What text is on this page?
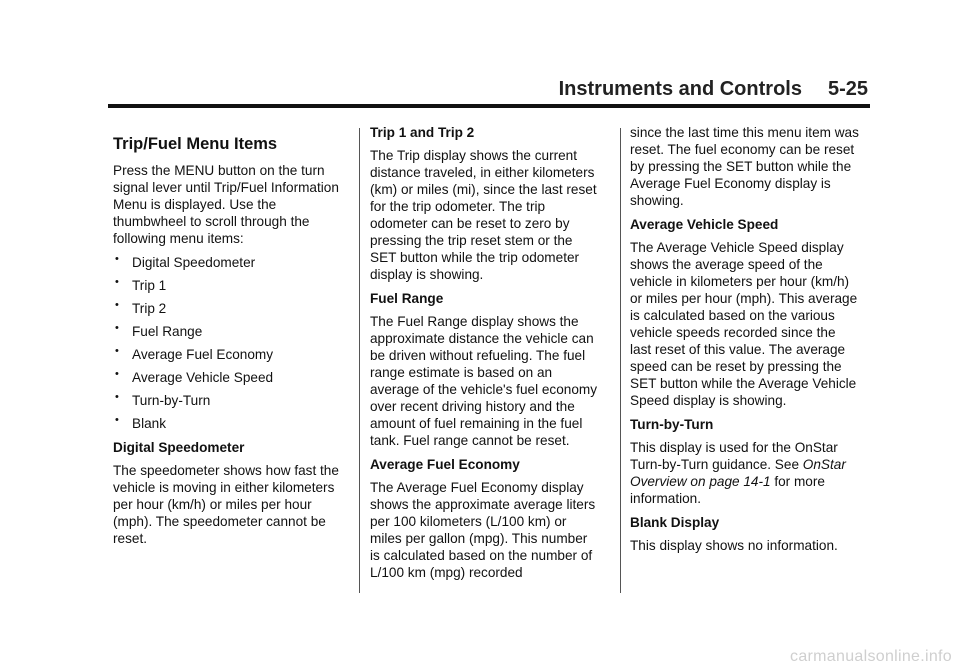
Instruments and Controls 5-25
Trip/Fuel Menu Items

Press the MENU button on the turn signal lever until Trip/Fuel Information Menu is displayed. Use the thumbwheel to scroll through the following menu items:

• Digital Speedometer
• Trip 1
• Trip 2
• Fuel Range
• Average Fuel Economy
• Average Vehicle Speed
• Turn-by-Turn
• Blank

Digital Speedometer

The speedometer shows how fast the vehicle is moving in either kilometers per hour (km/h) or miles per hour (mph). The speedometer cannot be reset.

Trip 1 and Trip 2

The Trip display shows the current distance traveled, in either kilometers (km) or miles (mi), since the last reset for the trip odometer. The trip odometer can be reset to zero by pressing the trip reset stem or the SET button while the trip odometer display is showing.

Fuel Range

The Fuel Range display shows the approximate distance the vehicle can be driven without refueling. The fuel range estimate is based on an average of the vehicle's fuel economy over recent driving history and the amount of fuel remaining in the fuel tank. Fuel range cannot be reset.

Average Fuel Economy

The Average Fuel Economy display shows the approximate average liters per 100 kilometers (L/100 km) or miles per gallon (mpg). This number is calculated based on the number of L/100 km (mpg) recorded

since the last time this menu item was reset. The fuel economy can be reset by pressing the SET button while the Average Fuel Economy display is showing.

Average Vehicle Speed

The Average Vehicle Speed display shows the average speed of the vehicle in kilometers per hour (km/h) or miles per hour (mph). This average is calculated based on the various vehicle speeds recorded since the last reset of this value. The average speed can be reset by pressing the SET button while the Average Vehicle Speed display is showing.

Turn-by-Turn

This display is used for the OnStar Turn-by-Turn guidance. See OnStar Overview on page 14-1 for more information.

Blank Display

This display shows no information.

carmanualsonline.info
